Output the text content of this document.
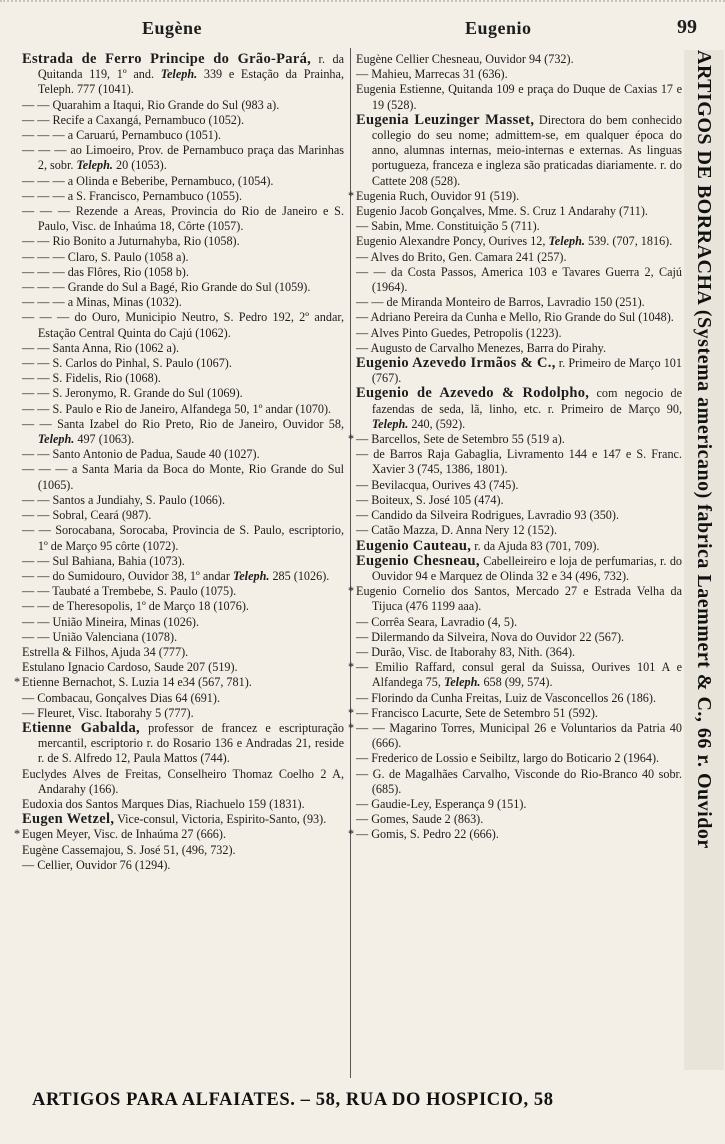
Eugène	Eugenio	99

Estrada de Ferro Principe do Grão-Pará, r. da Quitanda 119, 1º and. Teleph. 339 e Estação da Prainha, Teleph. 777 (1041).

— — Quarahim a Itaqui, Rio Grande do Sul (983 a).

— — Recife a Caxangá, Pernambuco (1052).

— — — a Caruarú, Pernambuco (1051).

— — — ao Limoeiro, Prov. de Pernambuco praça das Marinhas 2, sobr. Teleph. 20 (1053).

— — — a Olinda e Beberibe, Pernambuco, (1054).

— — — a S. Francisco, Pernambuco (1055).

— — — Rezende a Areas, Provincia do Rio de Janeiro e S. Paulo, Visc. de Inhaúma 18, Côrte (1057).

— — Rio Bonito a Juturnahyba, Rio (1058).

— — — Claro, S. Paulo (1058 a).

— — — das Flôres, Rio (1058 b).

— — — Grande do Sul a Bagé, Rio Grande do Sul (1059).

— — — a Minas, Minas (1032).

— — — do Ouro, Municipio Neutro, S. Pedro 192, 2º andar, Estação Central Quinta do Cajú (1062).

— — Santa Anna, Rio (1062 a).

— — S. Carlos do Pinhal, S. Paulo (1067).

— — S. Fidelis, Rio (1068).

— — S. Jeronymo, R. Grande do Sul (1069).

— — S. Paulo e Rio de Janeiro, Alfandega 50, 1º andar (1070).

— — Santa Izabel do Rio Preto, Rio de Janeiro, Ouvidor 58, Teleph. 497 (1063).

— — Santo Antonio de Padua, Saude 40 (1027).

— — — a Santa Maria da Boca do Monte, Rio Grande do Sul (1065).

— — Santos a Jundiahy, S. Paulo (1066).

— — Sobral, Ceará (987).

— — Sorocabana, Sorocaba, Provincia de S. Paulo, escriptorio, 1º de Março 95 côrte (1072).

— — Sul Bahiana, Bahia (1073).

— — do Sumidouro, Ouvidor 38, 1º andar Teleph. 285 (1026).

— — Taubaté a Trembebe, S. Paulo (1075).

— — de Theresopolis, 1º de Março 18 (1076).

— — União Mineira, Minas (1026).

— — União Valenciana (1078).

Estrella & Filhos, Ajuda 34 (777).

Estulano Ignacio Cardoso, Saude 207 (519).

* Etienne Bernachot, S. Luzia 14 e34 (567, 781).

— Combacau, Gonçalves Dias 64 (691).

— Fleuret, Visc. Itaborahy 5 (777).

Etienne Gabalda, professor de francez e escripturação mercantil, escriptorio r. do Rosario 136 e Andradas 21, reside r. de S. Alfredo 12, Paula Mattos (744).

Euclydes Alves de Freitas, Conselheiro Thomaz Coelho 2 A, Andarahy (166).

Eudoxia dos Santos Marques Dias, Riachuelo 159 (1831).

Eugen Wetzel, Vice-consul, Victoria, Espirito-Santo, (93).

* Eugen Meyer, Visc. de Inhaúma 27 (666).

Eugène Cassemajou, S. José 51, (496, 732).

— Cellier, Ouvidor 76 (1294).

Eugène Cellier Chesneau, Ouvidor 94 (732).

— Mahieu, Marrecas 31 (636).

Eugenia Estienne, Quitanda 109 e praça do Duque de Caxias 17 e 19 (528).

Eugenia Leuzinger Masset, Directora do bem conhecido collegio do seu nome; admittem-se, em qualquer época do anno, alumnas internas, meio-internas e externas. As linguas portugueza, franceza e ingleza são praticadas diariamente. r. do Cattete 208 (528).

* Eugenia Ruch, Ouvidor 91 (519).

Eugenio Jacob Gonçalves, Mme. S. Cruz 1 Andarahy (711).

— Sabin, Mme. Constituição 5 (711).

Eugenio Alexandre Poncy, Ourives 12, Teleph. 539. (707, 1816).

— Alves do Brito, Gen. Camara 241 (257).

— — da Costa Passos, America 103 e Tavares Guerra 2, Cajú (1964).

— — de Miranda Monteiro de Barros, Lavradio 150 (251).

— Adriano Pereira da Cunha e Mello, Rio Grande do Sul (1048).

— Alves Pinto Guedes, Petropolis (1223).

— Augusto de Carvalho Menezes, Barra do Pirahy.

Eugenio Azevedo Irmãos & C., r. Primeiro de Março 101 (767).

Eugenio de Azevedo & Rodolpho, com negocio de fazendas de seda, lã, linho, etc. r. Primeiro de Março 90, Teleph. 240, (592).

* — Barcellos, Sete de Setembro 55 (519 a).

— de Barros Raja Gabaglia, Livramento 144 e 147 e S. Franc. Xavier 3 (745, 1386, 1801).

— Bevilacqua, Ourives 43 (745).

— Boiteux, S. José 105 (474).

— Candido da Silveira Rodrigues, Lavradio 93 (350).

— Catão Mazza, D. Anna Nery 12 (152).

Eugenio Cauteau, r. da Ajuda 83 (701, 709).

Eugenio Chesneau, Cabelleireiro e loja de perfumarias, r. do Ouvidor 94 e Marquez de Olinda 32 e 34 (496, 732).

* Eugenio Cornelio dos Santos, Mercado 27 e Estrada Velha da Tijuca (476 1199 aaa).

— Corrêa Seara, Lavradio (4, 5).

— Dilermando da Silveira, Nova do Ouvidor 22 (567).

— Durão, Visc. de Itaborahy 83, Nith. (364).

* — Emilio Raffard, consul geral da Suissa, Ourives 101 A e Alfandega 75, Teleph. 658 (99, 574).

— Florindo da Cunha Freitas, Luiz de Vasconcellos 26 (186).

* — Francisco Lacurte, Sete de Setembro 51 (592).

* — — Magarino Torres, Municipal 26 e Voluntarios da Patria 40 (666).

— Frederico de Lossio e Seibiltz, largo do Boticario 2 (1964).

— G. de Magalhães Carvalho, Visconde do Rio-Branco 40 sobr. (685).

— Gaudie-Ley, Esperança 9 (151).

— Gomes, Saude 2 (863).

* — Gomis, S. Pedro 22 (666).	ARTIGOS DE BORRACHA (Systema americano) fabrica Laemmert & C., 66 r. Ouvidor
ARTIGOS PARA ALFAIATES. – 58, RUA DO HOSPICIO, 58
